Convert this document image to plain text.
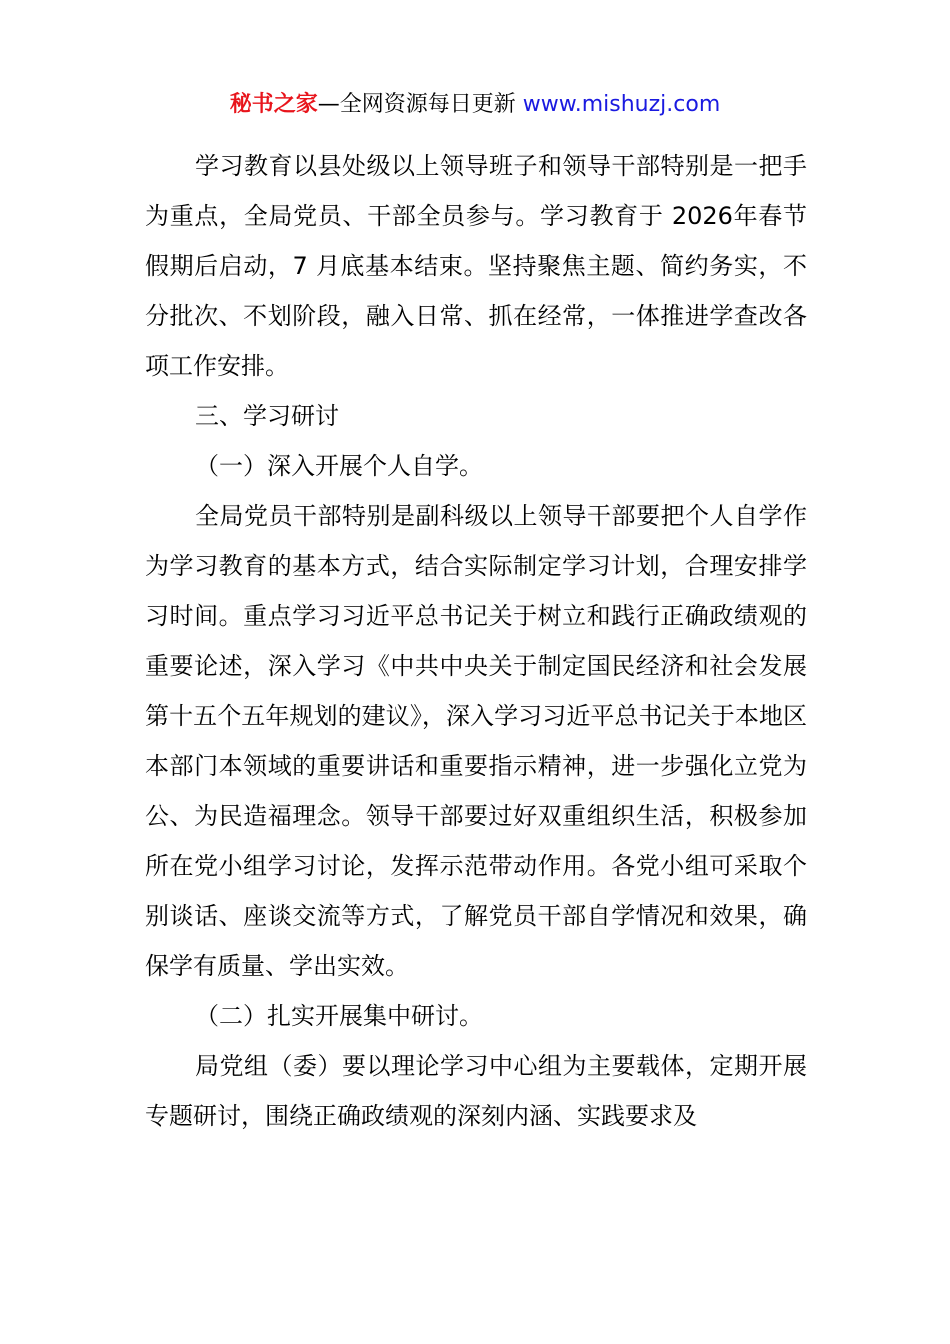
秘书之家—全网资源每日更新 www.mishuzj.com

学习教育以县处级以上领导班子和领导干部特别是一把手为重点，全局党员、干部全员参与。学习教育于 2026年春节假期后启动，7 月底基本结束。坚持聚焦主题、简约务实，不分批次、不划阶段，融入日常、抓在经常，一体推进学查改各项工作安排。

三、学习研讨

（一）深入开展个人自学。

全局党员干部特别是副科级以上领导干部要把个人自学作为学习教育的基本方式，结合实际制定学习计划，合理安排学习时间。重点学习习近平总书记关于树立和践行正确政绩观的重要论述，深入学习《中共中央关于制定国民经济和社会发展第十五个五年规划的建议》，深入学习习近平总书记关于本地区本部门本领域的重要讲话和重要指示精神，进一步强化立党为公、为民造福理念。领导干部要过好双重组织生活，积极参加所在党小组学习讨论，发挥示范带动作用。各党小组可采取个别谈话、座谈交流等方式，了解党员干部自学情况和效果，确保学有质量、学出实效。

（二）扎实开展集中研讨。

局党组（委）要以理论学习中心组为主要载体，定期开展专题研讨，围绕正确政绩观的深刻内涵、实践要求及
